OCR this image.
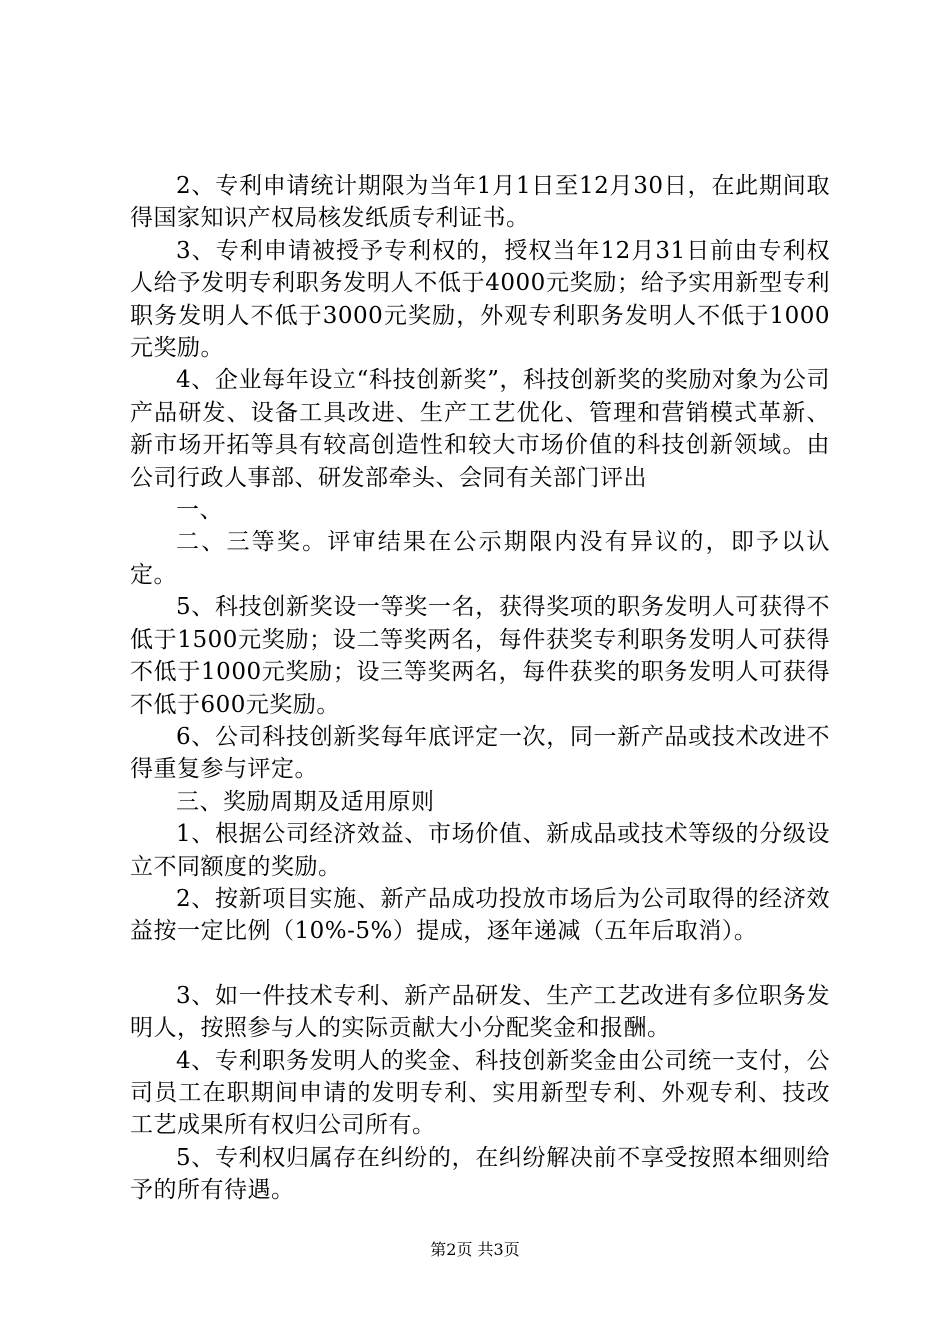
2、专利申请统计期限为当年1月1日至12月30日，在此期间取得国家知识产权局核发纸质专利证书。

3、专利申请被授予专利权的，授权当年12月31日前由专利权人给予发明专利职务发明人不低于4000元奖励；给予实用新型专利职务发明人不低于3000元奖励，外观专利职务发明人不低于1000元奖励。

4、企业每年设立“科技创新奖”，科技创新奖的奖励对象为公司产品研发、设备工具改进、生产工艺优化、管理和营销模式革新、新市场开拓等具有较高创造性和较大市场价值的科技创新领域。由公司行政人事部、研发部牵头、会同有关部门评出

一、

二、三等奖。评审结果在公示期限内没有异议的，即予以认定。

5、科技创新奖设一等奖一名，获得奖项的职务发明人可获得不低于1500元奖励；设二等奖两名，每件获奖专利职务发明人可获得不低于1000元奖励；设三等奖两名，每件获奖的职务发明人可获得不低于600元奖励。

6、公司科技创新奖每年底评定一次，同一新产品或技术改进不得重复参与评定。

三、奖励周期及适用原则

1、根据公司经济效益、市场价值、新成品或技术等级的分级设立不同额度的奖励。

2、按新项目实施、新产品成功投放市场后为公司取得的经济效益按一定比例（10%-5%）提成，逐年递减（五年后取消）。

3、如一件技术专利、新产品研发、生产工艺改进有多位职务发明人，按照参与人的实际贡献大小分配奖金和报酬。

4、专利职务发明人的奖金、科技创新奖金由公司统一支付，公司员工在职期间申请的发明专利、实用新型专利、外观专利、技改工艺成果所有权归公司所有。

5、专利权归属存在纠纷的，在纠纷解决前不享受按照本细则给予的所有待遇。

第2页 共3页
